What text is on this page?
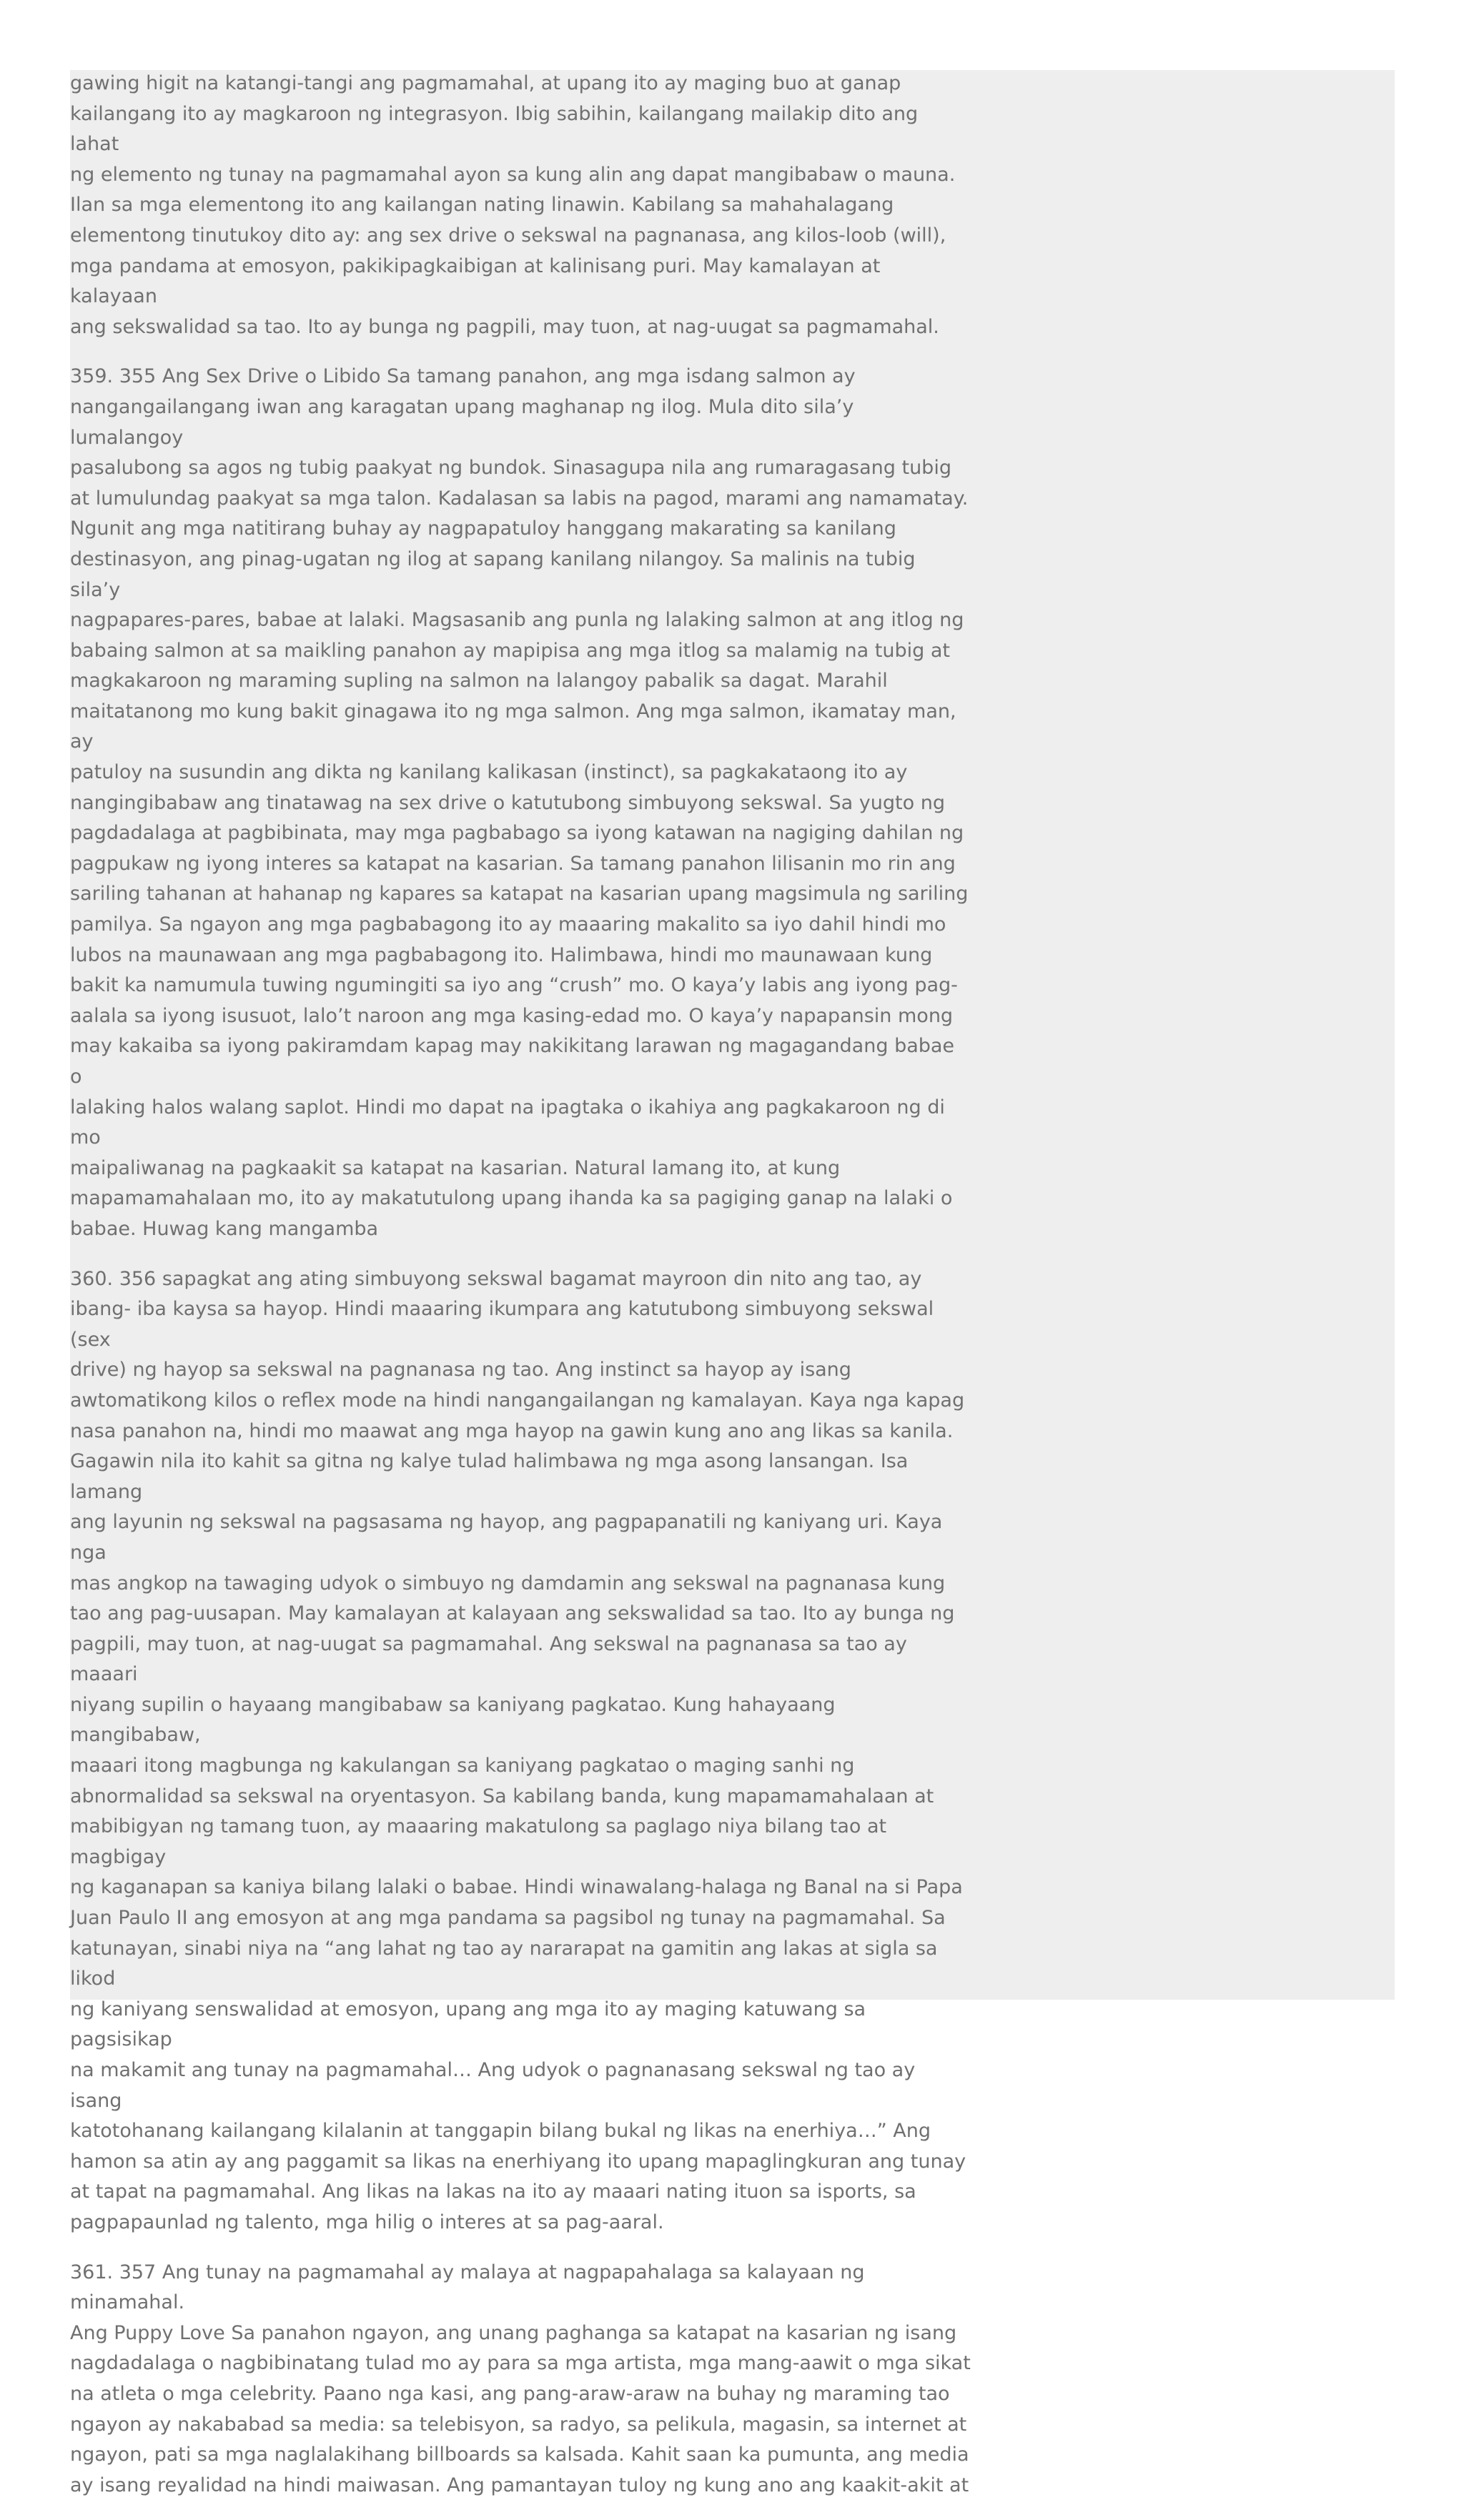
gawing higit na katangi-tangi ang pagmamahal, at upang ito ay maging buo at ganap
kailangang ito ay magkaroon ng integrasyon. Ibig sabihin, kailangang mailakip dito ang lahat
ng elemento ng tunay na pagmamahal ayon sa kung alin ang dapat mangibabaw o mauna.
Ilan sa mga elementong ito ang kailangan nating linawin. Kabilang sa mahahalagang
elementong tinutukoy dito ay: ang sex drive o sekswal na pagnanasa, ang kilos-loob (will),
mga pandama at emosyon, pakikipagkaibigan at kalinisang puri. May kamalayan at kalayaan
ang sekswalidad sa tao. Ito ay bunga ng pagpili, may tuon, at nag-uugat sa pagmamahal.

359. 355 Ang Sex Drive o Libido Sa tamang panahon, ang mga isdang salmon ay
nangangailangang iwan ang karagatan upang maghanap ng ilog. Mula dito sila’y lumalangoy
pasalubong sa agos ng tubig paakyat ng bundok. Sinasagupa nila ang rumaragasang tubig
at lumulundag paakyat sa mga talon. Kadalasan sa labis na pagod, marami ang namamatay.
Ngunit ang mga natitirang buhay ay nagpapatuloy hanggang makarating sa kanilang
destinasyon, ang pinag-ugatan ng ilog at sapang kanilang nilangoy. Sa malinis na tubig sila’y
nagpapares-pares, babae at lalaki. Magsasanib ang punla ng lalaking salmon at ang itlog ng
babaing salmon at sa maikling panahon ay mapipisa ang mga itlog sa malamig na tubig at
magkakaroon ng maraming supling na salmon na lalangoy pabalik sa dagat. Marahil
maitatanong mo kung bakit ginagawa ito ng mga salmon. Ang mga salmon, ikamatay man, ay
patuloy na susundin ang dikta ng kanilang kalikasan (instinct), sa pagkakataong ito ay
nangingibabaw ang tinatawag na sex drive o katutubong simbuyong sekswal. Sa yugto ng
pagdadalaga at pagbibinata, may mga pagbabago sa iyong katawan na nagiging dahilan ng
pagpukaw ng iyong interes sa katapat na kasarian. Sa tamang panahon lilisanin mo rin ang
sariling tahanan at hahanap ng kapares sa katapat na kasarian upang magsimula ng sariling
pamilya. Sa ngayon ang mga pagbabagong ito ay maaaring makalito sa iyo dahil hindi mo
lubos na maunawaan ang mga pagbabagong ito. Halimbawa, hindi mo maunawaan kung
bakit ka namumula tuwing ngumingiti sa iyo ang “crush” mo. O kaya’y labis ang iyong pag-
aalala sa iyong isusuot, lalo’t naroon ang mga kasing-edad mo. O kaya’y napapansin mong
may kakaiba sa iyong pakiramdam kapag may nakikitang larawan ng magagandang babae o
lalaking halos walang saplot. Hindi mo dapat na ipagtaka o ikahiya ang pagkakaroon ng di mo
maipaliwanag na pagkaakit sa katapat na kasarian. Natural lamang ito, at kung
mapamamahalaan mo, ito ay makatutulong upang ihanda ka sa pagiging ganap na lalaki o
babae. Huwag kang mangamba

360. 356 sapagkat ang ating simbuyong sekswal bagamat mayroon din nito ang tao, ay
ibang- iba kaysa sa hayop. Hindi maaaring ikumpara ang katutubong simbuyong sekswal (sex
drive) ng hayop sa sekswal na pagnanasa ng tao. Ang instinct sa hayop ay isang
awtomatikong kilos o reflex mode na hindi nangangailangan ng kamalayan. Kaya nga kapag
nasa panahon na, hindi mo maawat ang mga hayop na gawin kung ano ang likas sa kanila.
Gagawin nila ito kahit sa gitna ng kalye tulad halimbawa ng mga asong lansangan. Isa lamang
ang layunin ng sekswal na pagsasama ng hayop, ang pagpapanatili ng kaniyang uri. Kaya nga
mas angkop na tawaging udyok o simbuyo ng damdamin ang sekswal na pagnanasa kung
tao ang pag-uusapan. May kamalayan at kalayaan ang sekswalidad sa tao. Ito ay bunga ng
pagpili, may tuon, at nag-uugat sa pagmamahal. Ang sekswal na pagnanasa sa tao ay maaari
niyang supilin o hayaang mangibabaw sa kaniyang pagkatao. Kung hahayaang mangibabaw,
maaari itong magbunga ng kakulangan sa kaniyang pagkatao o maging sanhi ng
abnormalidad sa sekswal na oryentasyon. Sa kabilang banda, kung mapamamahalaan at
mabibigyan ng tamang tuon, ay maaaring makatulong sa paglago niya bilang tao at magbigay
ng kaganapan sa kaniya bilang lalaki o babae. Hindi winawalang-halaga ng Banal na si Papa
Juan Paulo II ang emosyon at ang mga pandama sa pagsibol ng tunay na pagmamahal. Sa
katunayan, sinabi niya na “ang lahat ng tao ay nararapat na gamitin ang lakas at sigla sa likod
ng kaniyang senswalidad at emosyon, upang ang mga ito ay maging katuwang sa pagsisikap
na makamit ang tunay na pagmamahal… Ang udyok o pagnanasang sekswal ng tao ay isang
katotohanang kailangang kilalanin at tanggapin bilang bukal ng likas na enerhiya…” Ang
hamon sa atin ay ang paggamit sa likas na enerhiyang ito upang mapaglingkuran ang tunay
at tapat na pagmamahal. Ang likas na lakas na ito ay maaari nating ituon sa isports, sa
pagpapaunlad ng talento, mga hilig o interes at sa pag-aaral.

361. 357 Ang tunay na pagmamahal ay malaya at nagpapahalaga sa kalayaan ng minamahal.
Ang Puppy Love Sa panahon ngayon, ang unang paghanga sa katapat na kasarian ng isang
nagdadalaga o nagbibinatang tulad mo ay para sa mga artista, mga mang-aawit o mga sikat
na atleta o mga celebrity. Paano nga kasi, ang pang-araw-araw na buhay ng maraming tao
ngayon ay nakababad sa media: sa telebisyon, sa radyo, sa pelikula, magasin, sa internet at
ngayon, pati sa mga naglalakihang billboards sa kalsada. Kahit saan ka pumunta, ang media
ay isang reyalidad na hindi maiwasan. Ang pamantayan tuloy ng kung ano ang kaakit-akit at
